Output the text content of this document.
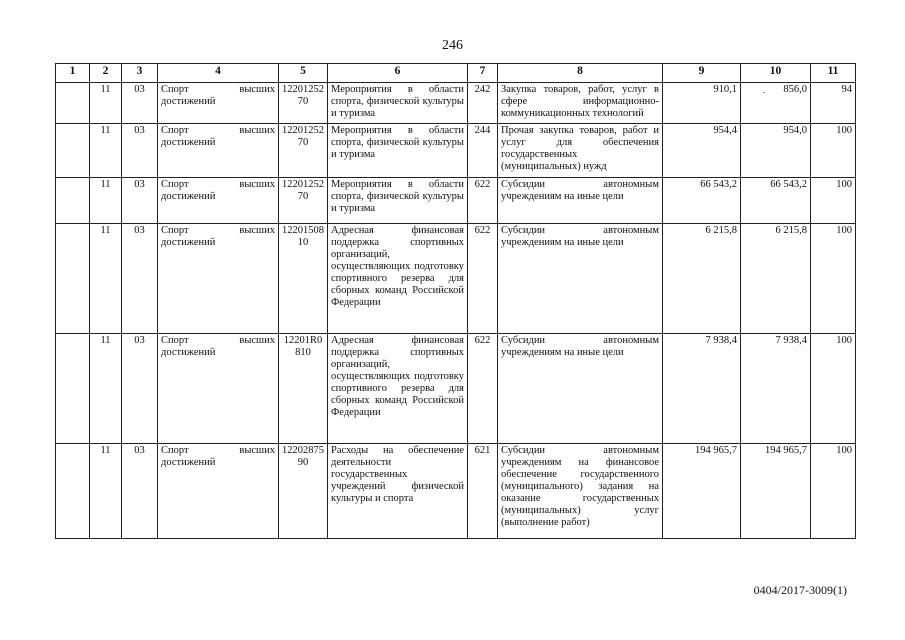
246
1	2	3	4	5	6	7	8	9	10	11
	11	03	Спорт высших достижений	1220125270	Мероприятия в области спорта, физической культуры и туризма	242	Закупка товаров, работ, услуг в сфере информационно-коммуникационных технологий	910,1	856,0	94
	11	03	Спорт высших достижений	1220125270	Мероприятия в области спорта, физической культуры и туризма	244	Прочая закупка товаров, работ и услуг для обеспечения государственных (муниципальных) нужд	954,4	954,0	100
	11	03	Спорт высших достижений	1220125270	Мероприятия в области спорта, физической культуры и туризма	622	Субсидии автономным учреждениям на иные цели	66 543,2	66 543,2	100
	11	03	Спорт высших достижений	1220150810	Адресная финансовая поддержка спортивных организаций, осуществляющих подготовку спортивного резерва для сборных команд Российской Федерации	622	Субсидии автономным учреждениям на иные цели	6 215,8	6 215,8	100
	11	03	Спорт высших достижений	12201R0810	Адресная финансовая поддержка спортивных организаций, осуществляющих подготовку спортивного резерва для сборных команд Российской Федерации	622	Субсидии автономным учреждениям на иные цели	7 938,4	7 938,4	100
	11	03	Спорт высших достижений	1220287590	Расходы на обеспечение деятельности государственных учреждений физической культуры и спорта	621	Субсидии автономным учреждениям на финансовое обеспечение государственного (муниципального) задания на оказание государственных (муниципальных) услуг (выполнение работ)	194 965,7	194 965,7	100
0404/2017-3009(1)
